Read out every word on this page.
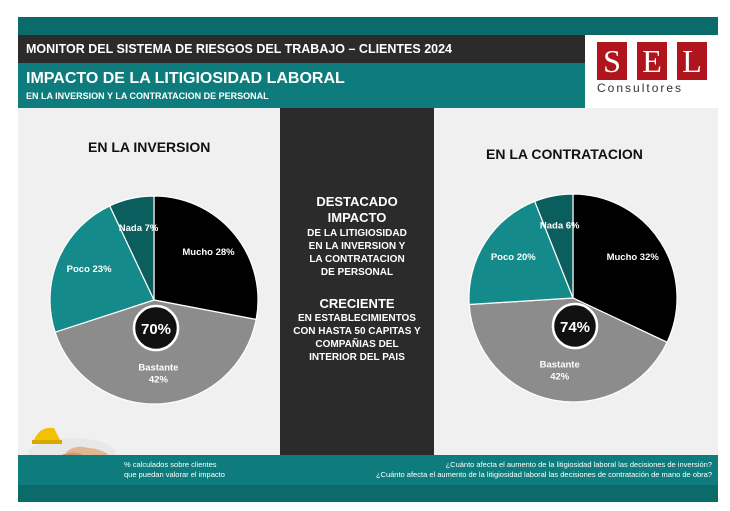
MONITOR DEL SISTEMA DE RIESGOS DEL TRABAJO – CLIENTES 2024
IMPACTO DE LA LITIGIOSIDAD LABORAL
EN LA INVERSION Y LA CONTRATACION DE PERSONAL
S E L
Consultores
DESTACADO
IMPACTO
DE LA LITIGIOSIDAD
EN LA INVERSION Y
LA CONTRATACION
DE PERSONAL
CRECIENTE
EN ESTABLECIMIENTOS
CON HASTA 50 CAPITAS Y
COMPAÑIAS DEL
INTERIOR DEL PAIS
EN LA INVERSION	EN LA CONTRATACION
Mucho 28%
Bastante
42%
Poco 23%
Nada 7%
70%
Mucho 32%
Bastante
42%
Poco 20%
Nada 6%
74%
% calculados sobre clientes
que puedan valorar el impacto
¿Cuánto afecta el aumento de la litigiosidad laboral las decisiones de inversión?
¿Cuánto afecta el aumento de la litigiosidad laboral las decisiones de contratación de mano de obra?
